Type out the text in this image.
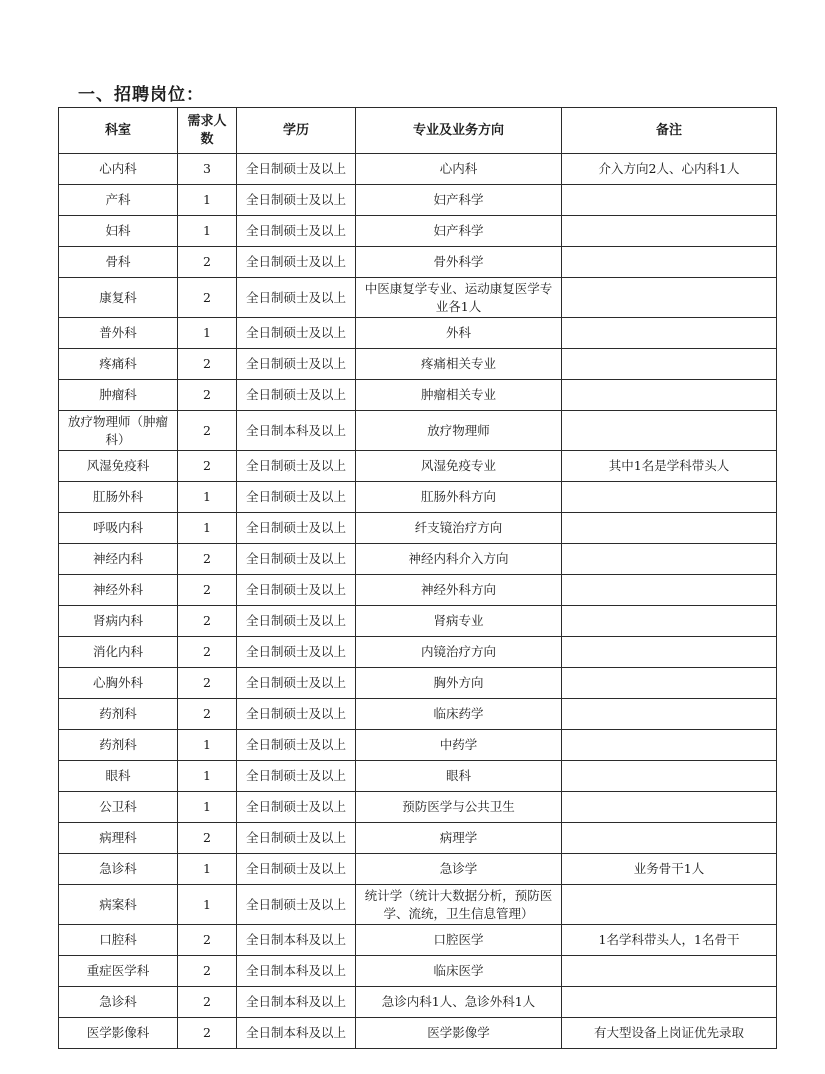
一、招聘岗位：
科室	需求人数	学历	专业及业务方向	备注
心内科	3	全日制硕士及以上	心内科	介入方向2人、心内科1人
产科	1	全日制硕士及以上	妇产科学	
妇科	1	全日制硕士及以上	妇产科学	
骨科	2	全日制硕士及以上	骨外科学	
康复科	2	全日制硕士及以上	中医康复学专业、运动康复医学专业各1人	
普外科	1	全日制硕士及以上	外科	
疼痛科	2	全日制硕士及以上	疼痛相关专业	
肿瘤科	2	全日制硕士及以上	肿瘤相关专业	
放疗物理师（肿瘤科）	2	全日制本科及以上	放疗物理师	
风湿免疫科	2	全日制硕士及以上	风湿免疫专业	其中1名是学科带头人
肛肠外科	1	全日制硕士及以上	肛肠外科方向	
呼吸内科	1	全日制硕士及以上	纤支镜治疗方向	
神经内科	2	全日制硕士及以上	神经内科介入方向	
神经外科	2	全日制硕士及以上	神经外科方向	
肾病内科	2	全日制硕士及以上	肾病专业	
消化内科	2	全日制硕士及以上	内镜治疗方向	
心胸外科	2	全日制硕士及以上	胸外方向	
药剂科	2	全日制硕士及以上	临床药学	
药剂科	1	全日制硕士及以上	中药学	
眼科	1	全日制硕士及以上	眼科	
公卫科	1	全日制硕士及以上	预防医学与公共卫生	
病理科	2	全日制硕士及以上	病理学	
急诊科	1	全日制硕士及以上	急诊学	业务骨干1人
病案科	1	全日制硕士及以上	统计学（统计大数据分析，预防医学、流统，卫生信息管理）	
口腔科	2	全日制本科及以上	口腔医学	1名学科带头人，1名骨干
重症医学科	2	全日制本科及以上	临床医学	
急诊科	2	全日制本科及以上	急诊内科1人、急诊外科1人	
医学影像科	2	全日制本科及以上	医学影像学	有大型设备上岗证优先录取
